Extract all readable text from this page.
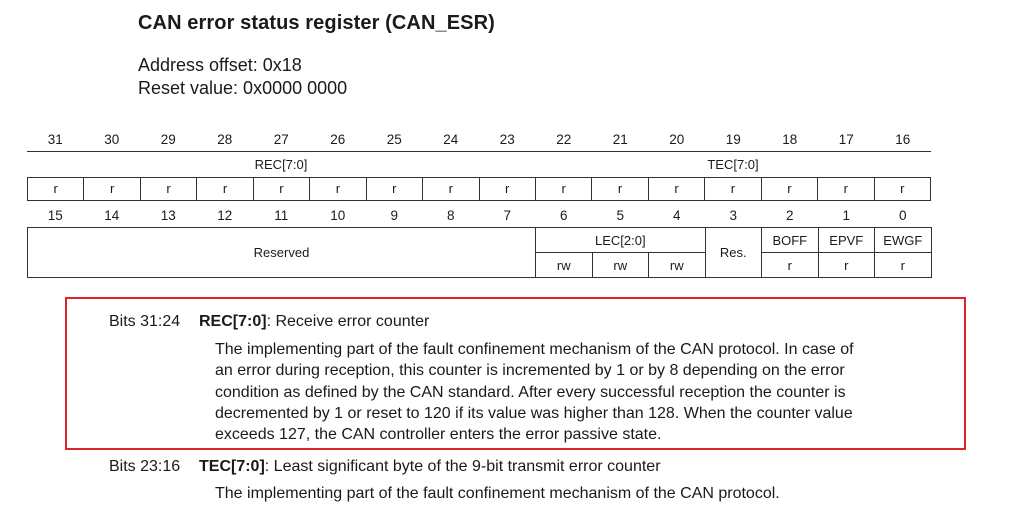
CAN error status register (CAN_ESR)
Address offset: 0x18
Reset value: 0x0000 0000
31	30	29	28	27	26	25	24	23	22	21	20	19	18	17	16
REC[7:0]	TEC[7:0]
r	r	r	r	r	r	r	r	r	r	r	r	r	r	r	r
15	14	13	12	11	10	9	8	7	6	5	4	3	2	1	0
Reserved	LEC[2:0]			Res.	BOFF	EPVF	EWGF
	rw	rw	rw		r	r	r
Bits 31:24 REC[7:0]: Receive error counter
The implementing part of the fault confinement mechanism of the CAN protocol. In case of
an error during reception, this counter is incremented by 1 or by 8 depending on the error
condition as defined by the CAN standard. After every successful reception the counter is
decremented by 1 or reset to 120 if its value was higher than 128. When the counter value
exceeds 127, the CAN controller enters the error passive state.
Bits 23:16 TEC[7:0]: Least significant byte of the 9-bit transmit error counter
The implementing part of the fault confinement mechanism of the CAN protocol.
